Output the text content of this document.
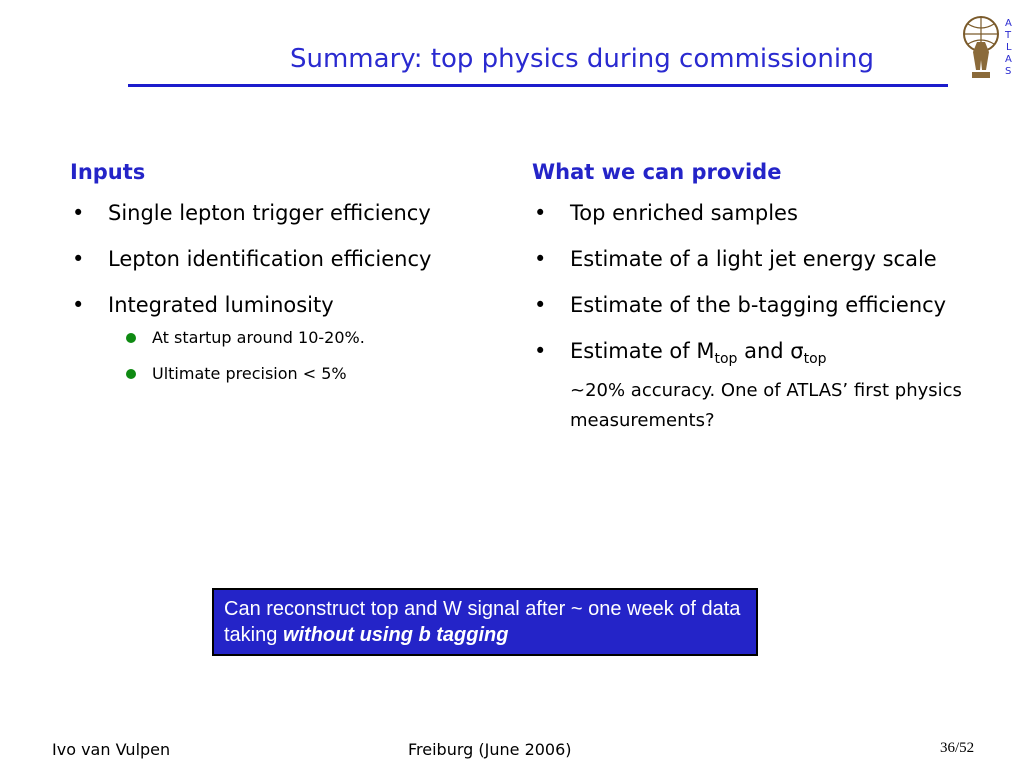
Summary: top physics during commissioning
A
T
L
A
S
Inputs
• Single lepton trigger efficiency
• Lepton identification efficiency
• Integrated luminosity
At startup around 10-20%.
Ultimate precision < 5%
What we can provide
• Top enriched samples
• Estimate of a light jet energy scale
• Estimate of the b-tagging efficiency
• Estimate of $M_{top}$ and $\sigma_{top}$
~20% accuracy. One of ATLAS’ first physics measurements?
Can reconstruct top and W signal after ~ one week of data taking without using b tagging
Ivo van Vulpen	Freiburg (June 2006)	36/52
